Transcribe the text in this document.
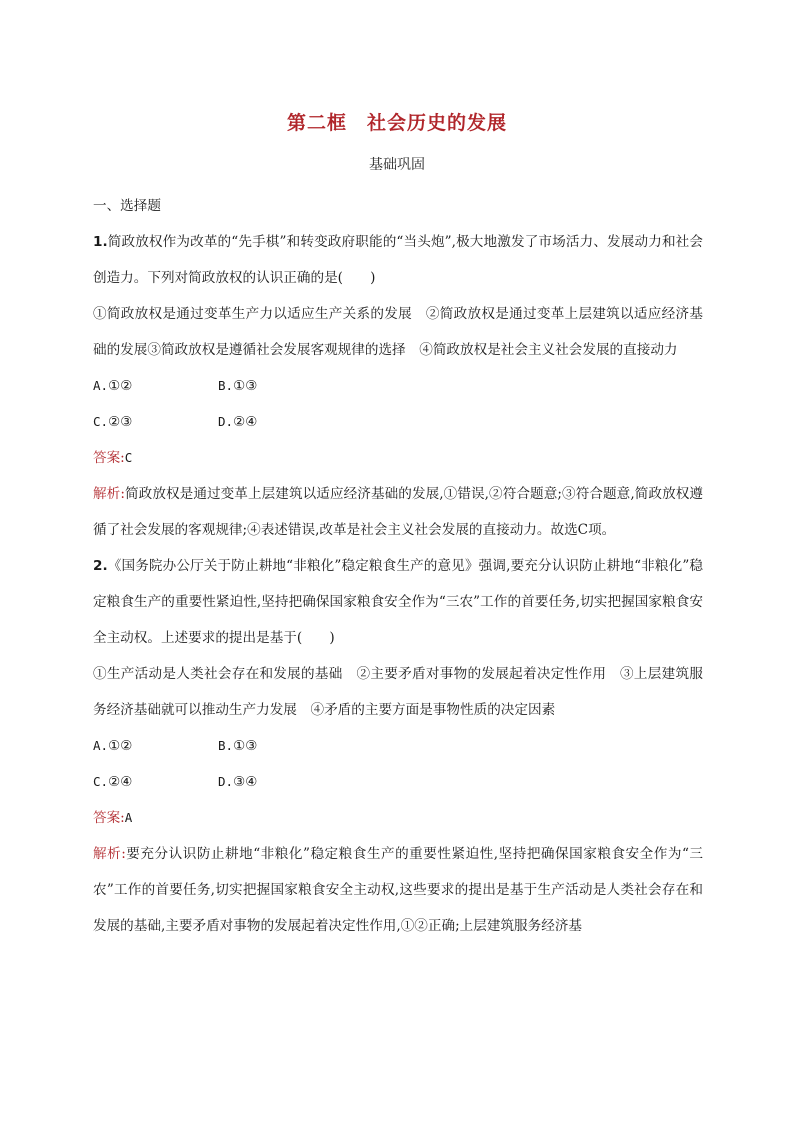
第二框　社会历史的发展
基础巩固

一、选择题

1.简政放权作为改革的“先手棋”和转变政府职能的“当头炮”,极大地激发了市场活力、发展动力和社会创造力。下列对简政放权的认识正确的是(　　)

①简政放权是通过变革生产力以适应生产关系的发展　②简政放权是通过变革上层建筑以适应经济基础的发展③简政放权是遵循社会发展客观规律的选择　④简政放权是社会主义社会发展的直接动力

A.①②	B.①③
C.②③	D.②④

答案:C

解析:简政放权是通过变革上层建筑以适应经济基础的发展,①错误,②符合题意;③符合题意,简政放权遵循了社会发展的客观规律;④表述错误,改革是社会主义社会发展的直接动力。故选C项。

2.《国务院办公厅关于防止耕地“非粮化”稳定粮食生产的意见》强调,要充分认识防止耕地“非粮化”稳定粮食生产的重要性紧迫性,坚持把确保国家粮食安全作为“三农”工作的首要任务,切实把握国家粮食安全主动权。上述要求的提出是基于(　　)

①生产活动是人类社会存在和发展的基础　②主要矛盾对事物的发展起着决定性作用　③上层建筑服务经济基础就可以推动生产力发展　④矛盾的主要方面是事物性质的决定因素

A.①②	B.①③
C.②④	D.③④

答案:A

解析:要充分认识防止耕地“非粮化”稳定粮食生产的重要性紧迫性,坚持把确保国家粮食安全作为“三农”工作的首要任务,切实把握国家粮食安全主动权,这些要求的提出是基于生产活动是人类社会存在和发展的基础,主要矛盾对事物的发展起着决定性作用,①②正确;上层建筑服务经济基
